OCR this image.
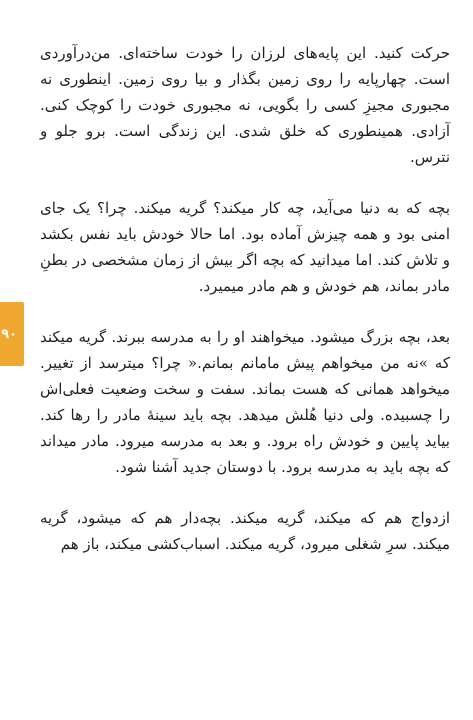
حرکت کنید. این پایه‌های لرزان را خودت ساخته‌ای. من‌درآوردی است. چهارپایه را روی زمین بگذار و بیا روی زمین. اینطوری نه مجبوری مجیزِ کسی را بگویی، نه مجبوری خودت را کوچک کنی. آزادی. همینطوری که خلق شدی. این زندگی است. برو جلو و نترس.

بچه که به دنیا می‌آید، چه کار میکند؟ گریه میکند. چرا؟ یک جای امنی بود و همه چیزش آماده بود. اما حالا خودش باید نفس بکشد و تلاش کند. اما میدانید که بچه اگر بیش از زمان مشخصی در بطنِ مادر بماند، هم خودش و هم مادر میمیرد.

بعد، بچه بزرگ میشود. میخواهند او را به مدرسه ببرند. گریه میکند که »نه من میخواهم پیش مامانم بمانم.« چرا؟ میترسد از تغییر. میخواهد همانی که هست بماند. سفت و سخت وضعیت فعلی‌اش را چسبیده. ولی دنیا هُلش میدهد. بچه باید سینهٔ مادر را رها کند. بیاید پایین و خودش راه برود. و بعد به مدرسه میرود. مادر میداند که بچه باید به مدرسه برود. با دوستان جدید آشنا شود.

ازدواج هم که میکند، گریه میکند. بچه‌دار هم که میشود، گریه میکند. سرِ شغلی میرود، گریه میکند. اسباب‌کشی میکند، باز هم

۹۰
